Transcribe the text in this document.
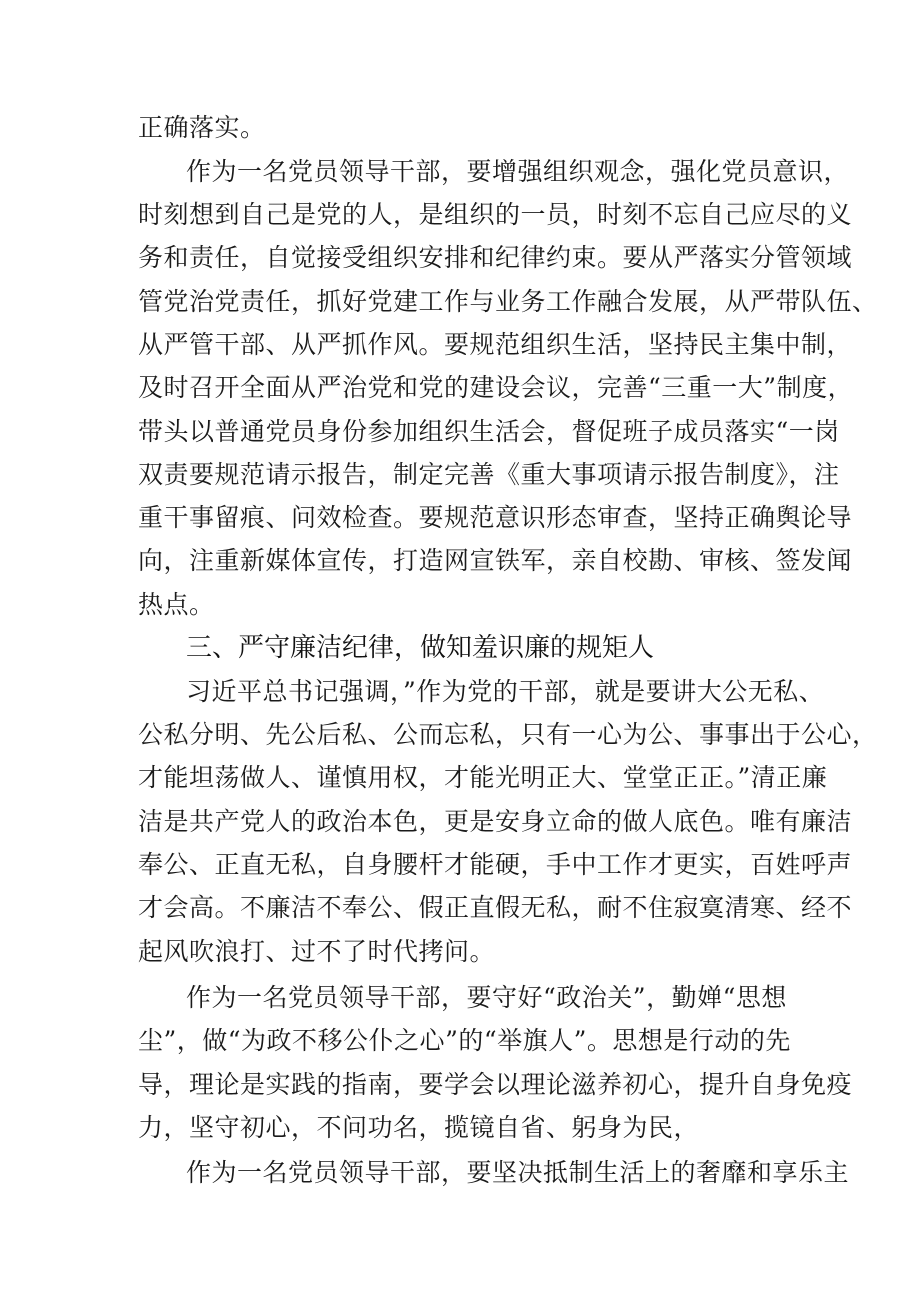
正确落实。
作为一名党员领导干部，要增强组织观念，强化党员意识，
时刻想到自己是党的人，是组织的一员，时刻不忘自己应尽的义
务和责任，自觉接受组织安排和纪律约束。要从严落实分管领域
管党治党责任，抓好党建工作与业务工作融合发展，从严带队伍、
从严管干部、从严抓作风。要规范组织生活，坚持民主集中制，
及时召开全面从严治党和党的建设会议，完善“三重一大”制度，
带头以普通党员身份参加组织生活会，督促班子成员落实“一岗
双责要规范请示报告，制定完善《重大事项请示报告制度》，注
重干事留痕、问效检查。要规范意识形态审查，坚持正确舆论导
向，注重新媒体宣传，打造网宣铁军，亲自校勘、审核、签发闻
热点。
三、严守廉洁纪律，做知羞识廉的规矩人
习近平总书记强调，”作为党的干部，就是要讲大公无私、
公私分明、先公后私、公而忘私，只有一心为公、事事出于公心，
才能坦荡做人、谨慎用权，才能光明正大、堂堂正正。”清正廉
洁是共产党人的政治本色，更是安身立命的做人底色。唯有廉洁
奉公、正直无私，自身腰杆才能硬，手中工作才更实，百姓呼声
才会高。不廉洁不奉公、假正直假无私，耐不住寂寞清寒、经不
起风吹浪打、过不了时代拷问。
作为一名党员领导干部，要守好“政治关”，勤婵“思想
尘”，做“为政不移公仆之心”的“举旗人”。思想是行动的先
导，理论是实践的指南，要学会以理论滋养初心，提升自身免疫
力，坚守初心，不问功名，揽镜自省、躬身为民，
作为一名党员领导干部，要坚决抵制生活上的奢靡和享乐主
